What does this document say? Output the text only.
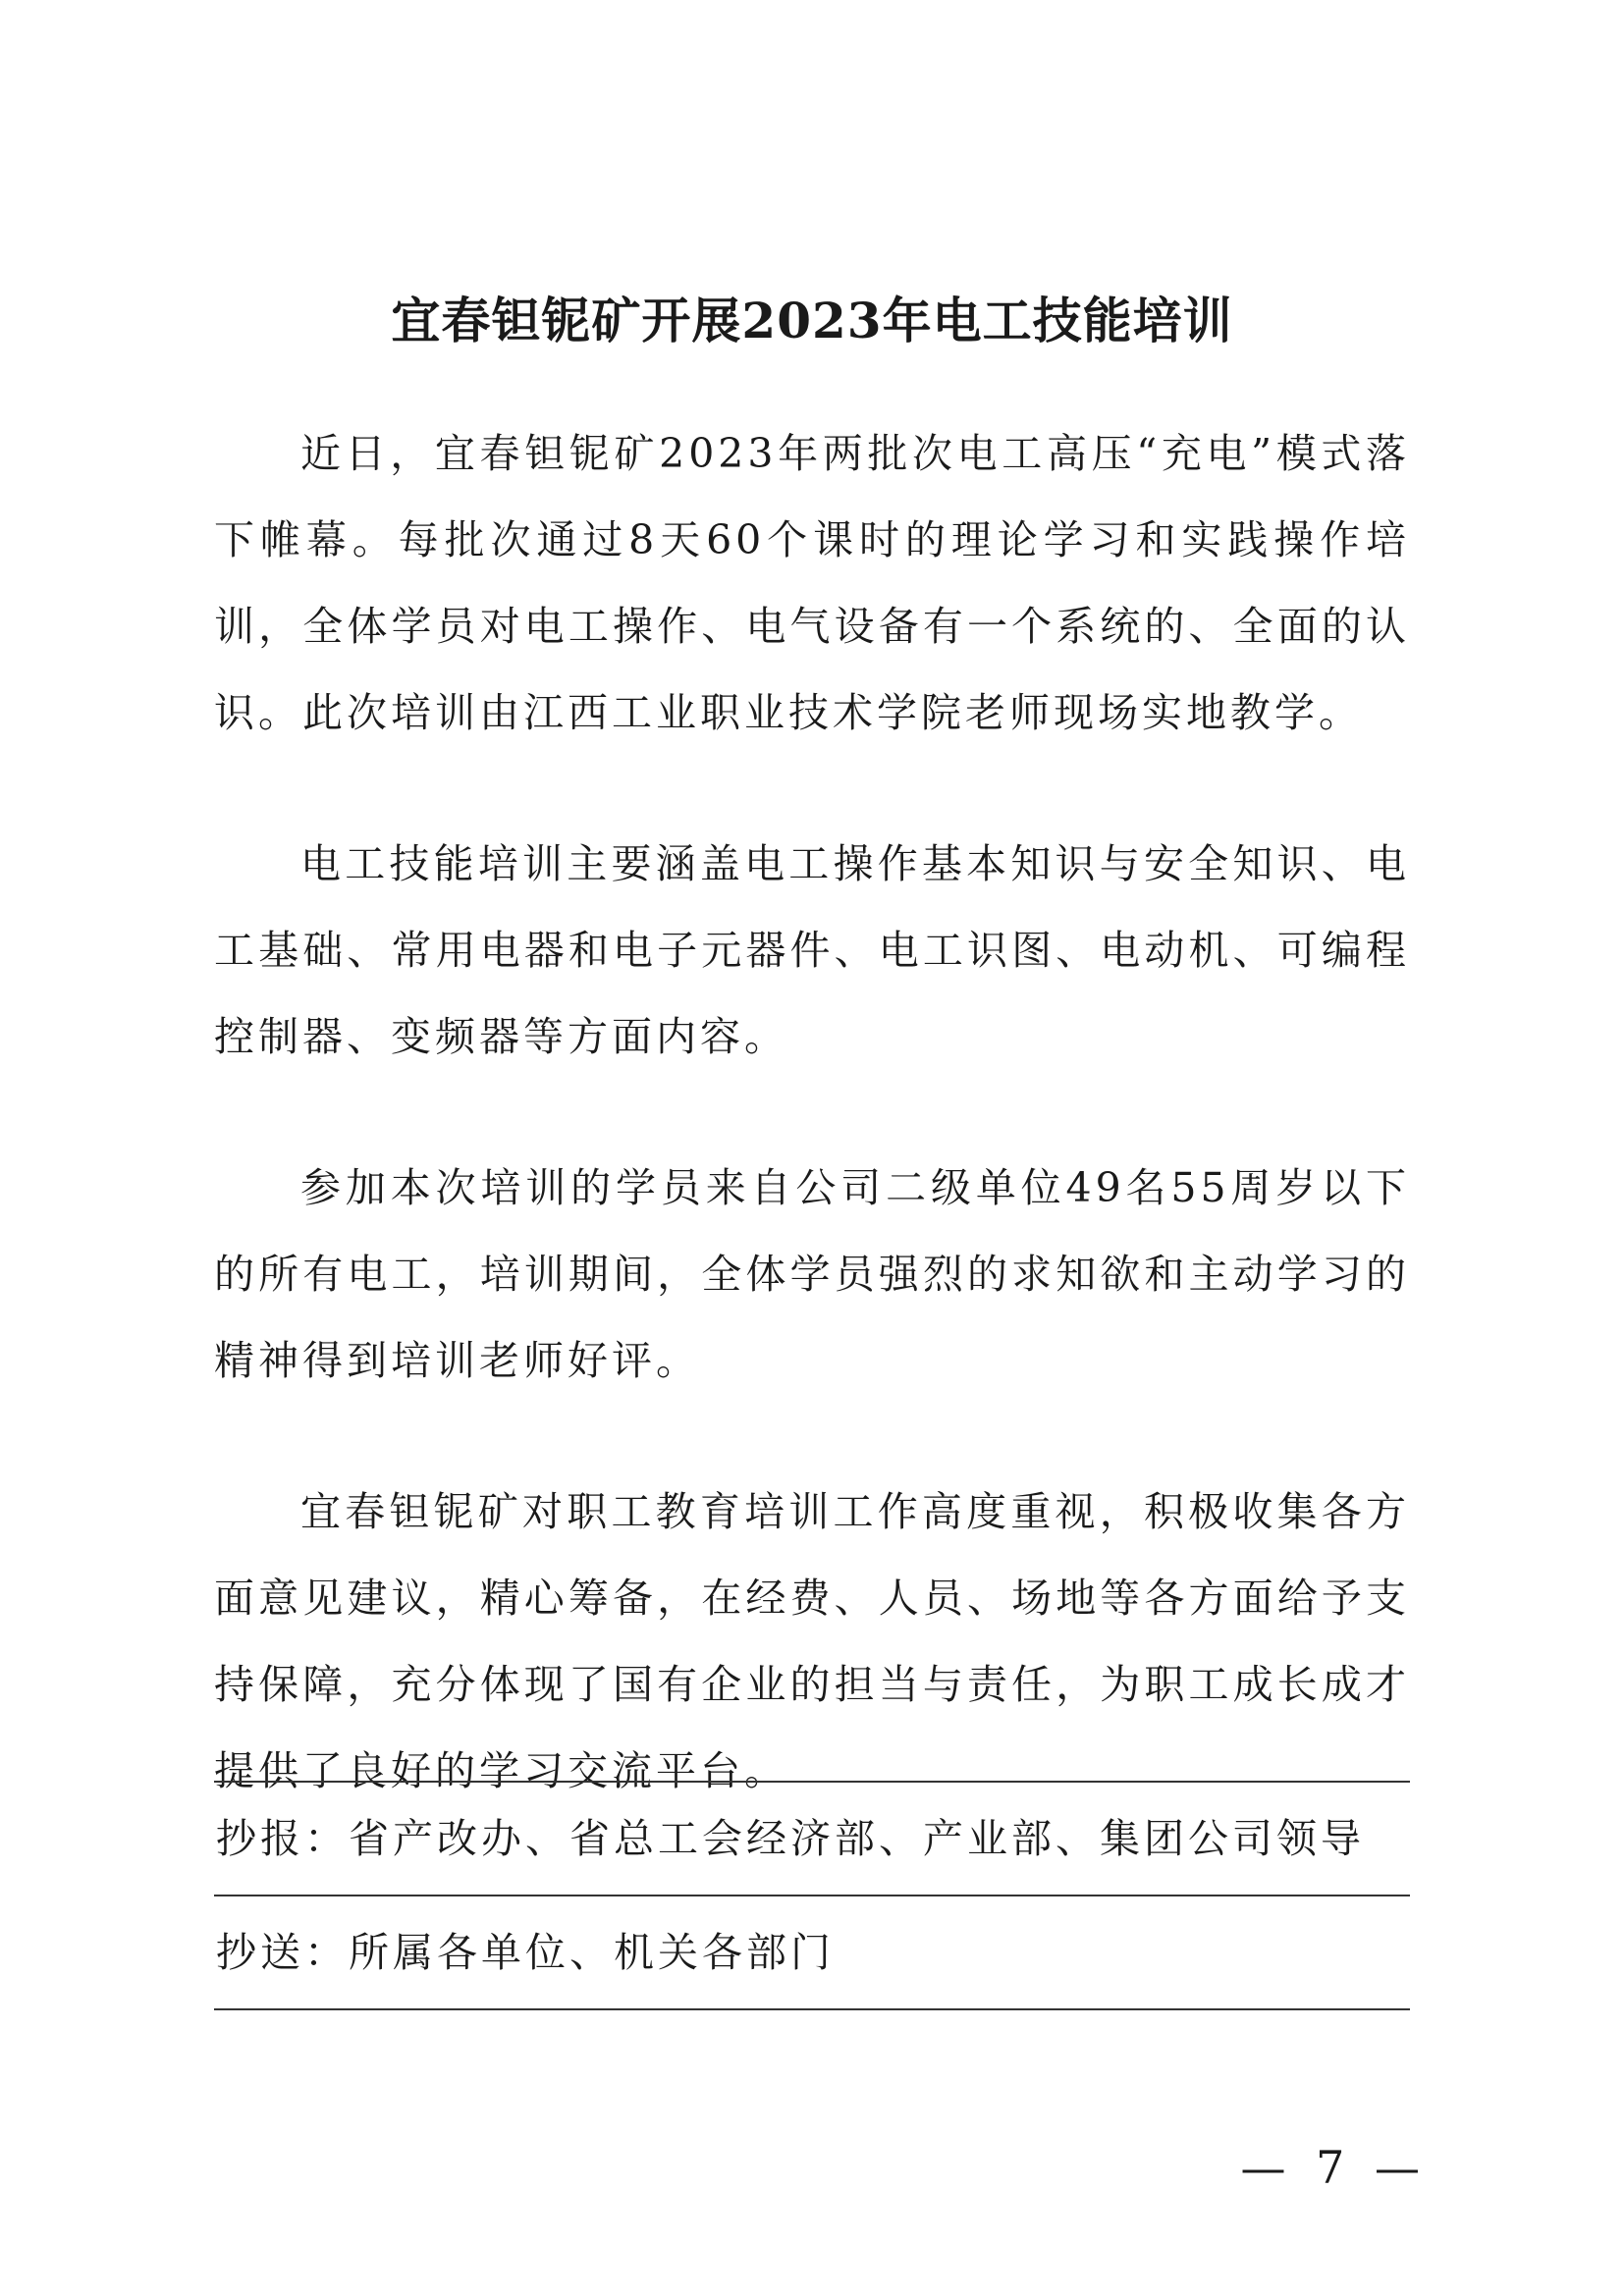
宜春钽铌矿开展2023年电工技能培训

近日，宜春钽铌矿2023年两批次电工高压“充电”模式落下帷幕。每批次通过8天60个课时的理论学习和实践操作培训，全体学员对电工操作、电气设备有一个系统的、全面的认识。此次培训由江西工业职业技术学院老师现场实地教学。

电工技能培训主要涵盖电工操作基本知识与安全知识、电工基础、常用电器和电子元器件、电工识图、电动机、可编程控制器、变频器等方面内容。

参加本次培训的学员来自公司二级单位49名55周岁以下的所有电工，培训期间，全体学员强烈的求知欲和主动学习的精神得到培训老师好评。

宜春钽铌矿对职工教育培训工作高度重视，积极收集各方面意见建议，精心筹备，在经费、人员、场地等各方面给予支持保障，充分体现了国有企业的担当与责任，为职工成长成才提供了良好的学习交流平台。

抄报：省产改办、省总工会经济部、产业部、集团公司领导
抄送：所属各单位、机关各部门
— 7 —
